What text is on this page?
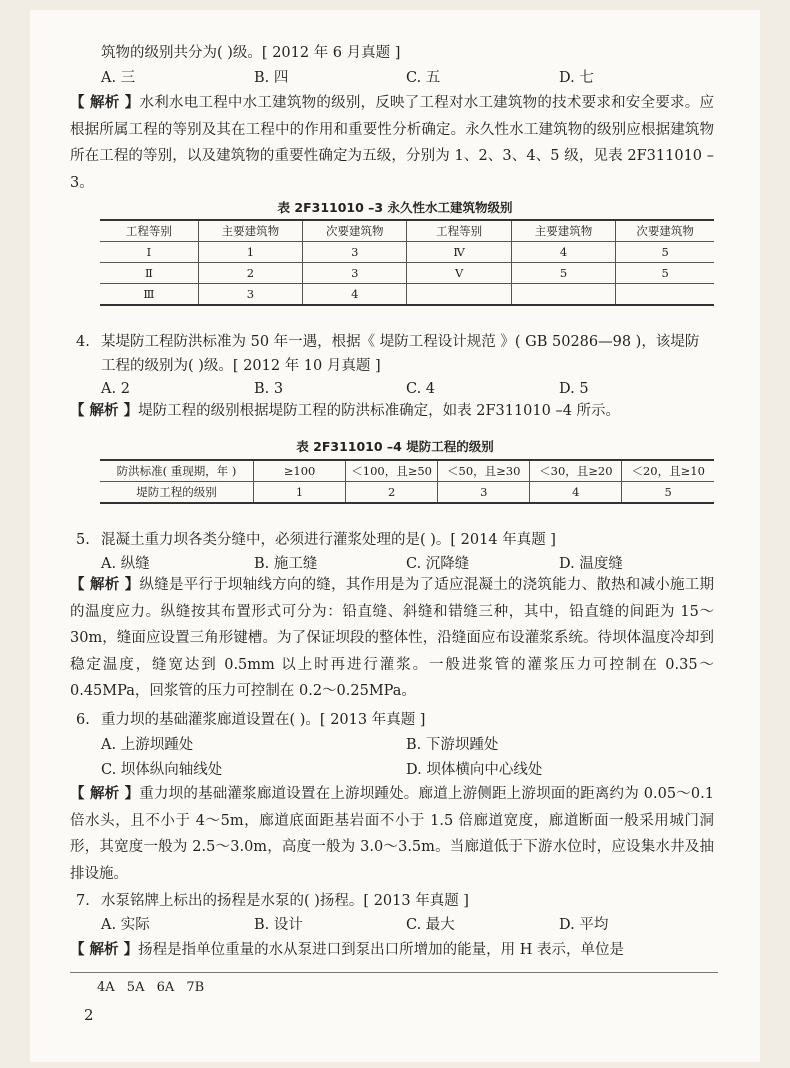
筑物的级别共分为( )级。[ 2012 年 6 月真题 ]
A. 三	B. 四	C. 五	D. 七
【 解析 】水利水电工程中水工建筑物的级别，反映了工程对水工建筑物的技术要求和安全要求。应根据所属工程的等别及其在工程中的作用和重要性分析确定。永久性水工建筑物的级别应根据建筑物所在工程的等别，以及建筑物的重要性确定为五级，分别为 1、2、3、4、5 级，见表 2F311010 –3。
表 2F311010 –3 永久性水工建筑物级别
工程等别	主要建筑物	次要建筑物	工程等别	主要建筑物	次要建筑物
Ⅰ	1	3	Ⅳ	4	5
Ⅱ	2	3	Ⅴ	5	5
Ⅲ	3	4			
4. 某堤防工程防洪标准为 50 年一遇，根据《 堤防工程设计规范 》( GB 50286—98 )，该堤防
工程的级别为( )级。[ 2012 年 10 月真题 ]
A. 2	B. 3	C. 4	D. 5
【 解析 】堤防工程的级别根据堤防工程的防洪标准确定，如表 2F311010 –4 所示。
表 2F311010 –4 堤防工程的级别
防洪标准( 重现期，年 )	≥100	＜100，且≥50	＜50，且≥30	＜30，且≥20	＜20，且≥10
堤防工程的级别	1	2	3	4	5
5. 混凝土重力坝各类分缝中，必须进行灌浆处理的是( )。[ 2014 年真题 ]
A. 纵缝	B. 施工缝	C. 沉降缝	D. 温度缝
【 解析 】纵缝是平行于坝轴线方向的缝，其作用是为了适应混凝土的浇筑能力、散热和减小施工期的温度应力。纵缝按其布置形式可分为：铅直缝、斜缝和错缝三种，其中，铅直缝的间距为 15～30m，缝面应设置三角形键槽。为了保证坝段的整体性，沿缝面应布设灌浆系统。待坝体温度冷却到稳定温度，缝宽达到 0.5mm 以上时再进行灌浆。一般进浆管的灌浆压力可控制在 0.35～0.45MPa，回浆管的压力可控制在 0.2～0.25MPa。
6. 重力坝的基础灌浆廊道设置在( )。[ 2013 年真题 ]
A. 上游坝踵处	B. 下游坝踵处
C. 坝体纵向轴线处	D. 坝体横向中心线处
【 解析 】重力坝的基础灌浆廊道设置在上游坝踵处。廊道上游侧距上游坝面的距离约为 0.05～0.1 倍水头，且不小于 4～5m，廊道底面距基岩面不小于 1.5 倍廊道宽度，廊道断面一般采用城门洞形，其宽度一般为 2.5～3.0m，高度一般为 3.0～3.5m。当廊道低于下游水位时，应设集水井及抽排设施。
7. 水泵铭牌上标出的扬程是水泵的( )扬程。[ 2013 年真题 ]
A. 实际	B. 设计	C. 最大	D. 平均
【 解析 】扬程是指单位重量的水从泵进口到泵出口所增加的能量，用 H 表示，单位是
4A 5A 6A 7B
2
